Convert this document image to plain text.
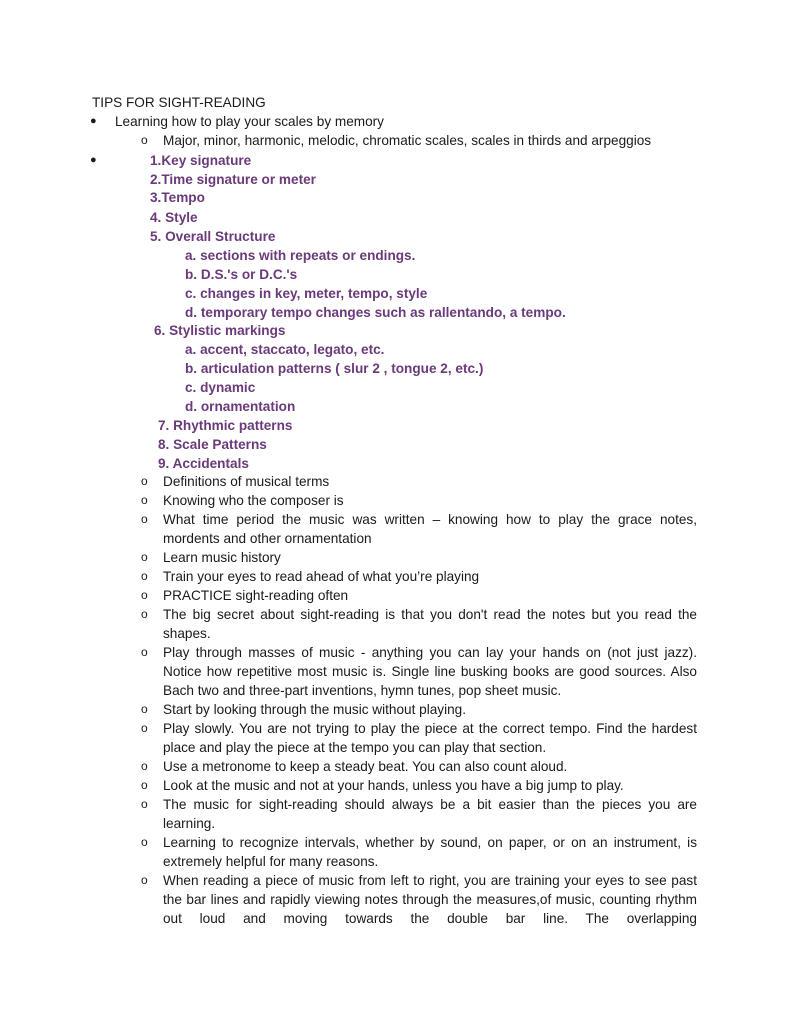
TIPS FOR SIGHT-READING
● Learning how to play your scales by memory
o Major, minor, harmonic, melodic, chromatic scales, scales in thirds and arpeggios
●	1.Key signature
2.Time signature or meter
3.Tempo
4. Style
5. Overall Structure
a. sections with repeats or endings.
b. D.S.'s or D.C.'s
c. changes in key, meter, tempo, style
d. temporary tempo changes such as rallentando, a tempo.
6. Stylistic markings
a. accent, staccato, legato, etc.
b. articulation patterns ( slur 2 , tongue 2, etc.)
c. dynamic
d. ornamentation
7. Rhythmic patterns
8. Scale Patterns
9. Accidentals
o Definitions of musical terms
o Knowing who the composer is
o What time period the music was written – knowing how to play the grace notes, mordents and other ornamentation
o Learn music history
o Train your eyes to read ahead of what you’re playing
o PRACTICE sight-reading often
o The big secret about sight-reading is that you don't read the notes but you read the shapes.
o Play through masses of music - anything you can lay your hands on (not just jazz). Notice how repetitive most music is. Single line busking books are good sources. Also Bach two and three-part inventions, hymn tunes, pop sheet music.
o Start by looking through the music without playing.
o Play slowly. You are not trying to play the piece at the correct tempo. Find the hardest place and play the piece at the tempo you can play that section.
o Use a metronome to keep a steady beat. You can also count aloud.
o Look at the music and not at your hands, unless you have a big jump to play.
o The music for sight-reading should always be a bit easier than the pieces you are learning.
o Learning to recognize intervals, whether by sound, on paper, or on an instrument, is extremely helpful for many reasons.
o When reading a piece of music from left to right, you are training your eyes to see past the bar lines and rapidly viewing notes through the measures,of music, counting rhythm out loud and moving towards the double bar line. The overlapping
